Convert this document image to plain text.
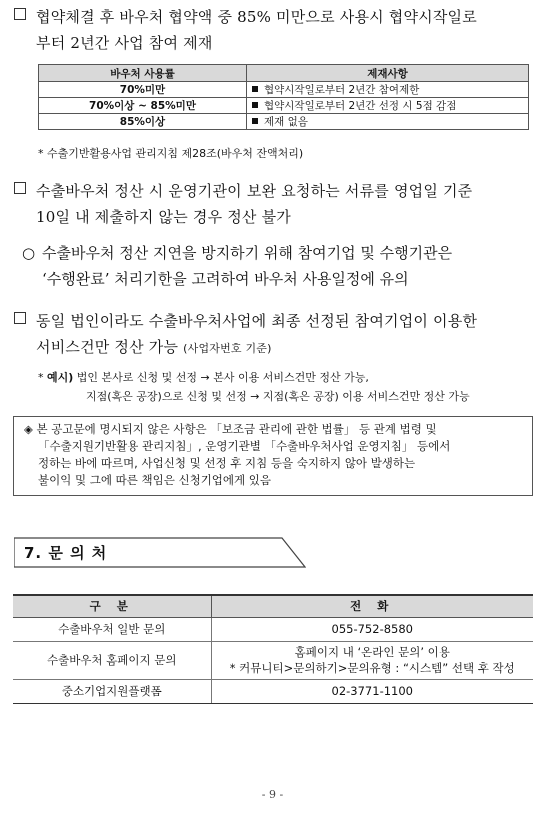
협약체결 후 바우처 협약액 중 85% 미만으로 사용시 협약시작일로
부터 2년간 사업 참여 제재
바우처 사용률	제재사항
70%미만	협약시작일로부터 2년간 참여제한
70%이상 ~ 85%미만	협약시작일로부터 2년간 선정 시 5점 감점
85%이상	제재 없음
* 수출기반활용사업 관리지침 제28조(바우처 잔액처리)
수출바우처 정산 시 운영기관이 보완 요청하는 서류를 영업일 기준
10일 내 제출하지 않는 경우 정산 불가
○ 수출바우처 정산 지연을 방지하기 위해 참여기업 및 수행기관은
‘수행완료’ 처리기한을 고려하여 바우처 사용일정에 유의
동일 법인이라도 수출바우처사업에 최종 선정된 참여기업이 이용한
서비스건만 정산 가능 (사업자번호 기준)
* 예시) 법인 본사로 신청 및 선정 → 본사 이용 서비스건만 정산 가능,
지점(혹은 공장)으로 신청 및 선정 → 지점(혹은 공장) 이용 서비스건만 정산 가능
◈ 본 공고문에 명시되지 않은 사항은 「보조금 관리에 관한 법률」 등 관계 법령 및
「수출지원기반활용 관리지침」, 운영기관별 「수출바우처사업 운영지침」 등에서
정하는 바에 따르며, 사업신청 및 선정 후 지침 등을 숙지하지 않아 발생하는
불이익 및 그에 따른 책임은 신청기업에게 있음
7. 문 의 처
구 분	전 화
수출바우처 일반 문의	055-752-8580

수출바우처 홈페이지 문의	홈페이지 내 ‘온라인 문의’ 이용
* 커뮤니티>문의하기>문의유형 : “시스템” 선택 후 작성

중소기업지원플랫폼	02-3771-1100
- 9 -
